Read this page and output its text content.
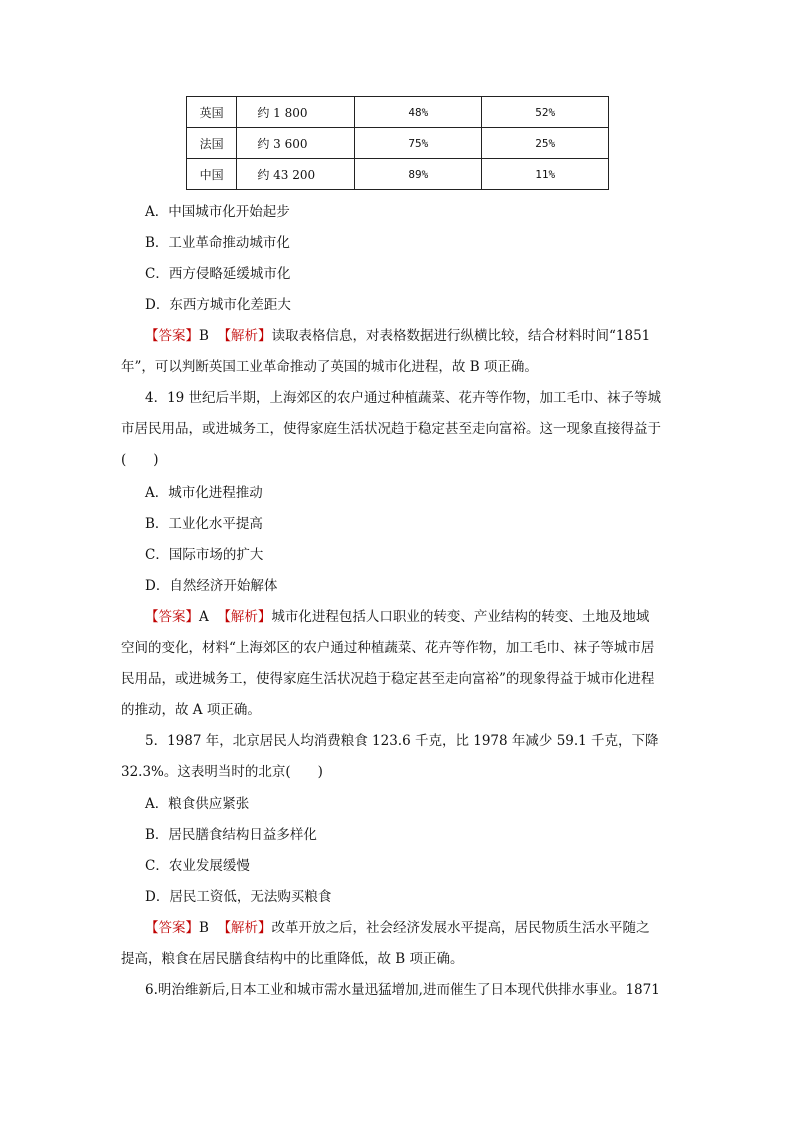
英国	约 1 800	48%	52%
法国	约 3 600	75%	25%
中国	约 43 200	89%	11%
A．中国城市化开始起步
B．工业革命推动城市化
C．西方侵略延缓城市化
D．东西方城市化差距大
【答案】B 【解析】读取表格信息，对表格数据进行纵横比较，结合材料时间“1851
年”，可以判断英国工业革命推动了英国的城市化进程，故 B 项正确。
4．19 世纪后半期，上海郊区的农户通过种植蔬菜、花卉等作物，加工毛巾、袜子等城
市居民用品，或进城务工，使得家庭生活状况趋于稳定甚至走向富裕。这一现象直接得益于
(　　)
A．城市化进程推动
B．工业化水平提高
C．国际市场的扩大
D．自然经济开始解体
【答案】A 【解析】城市化进程包括人口职业的转变、产业结构的转变、土地及地域
空间的变化，材料“上海郊区的农户通过种植蔬菜、花卉等作物，加工毛巾、袜子等城市居
民用品，或进城务工，使得家庭生活状况趋于稳定甚至走向富裕”的现象得益于城市化进程
的推动，故 A 项正确。
5．1987 年，北京居民人均消费粮食 123.6 千克，比 1978 年减少 59.1 千克，下降
32.3%。这表明当时的北京(　　)
A．粮食供应紧张
B．居民膳食结构日益多样化
C．农业发展缓慢
D．居民工资低，无法购买粮食
【答案】B 【解析】改革开放之后，社会经济发展水平提高，居民物质生活水平随之
提高，粮食在居民膳食结构中的比重降低，故 B 项正确。
6.明治维新后,日本工业和城市需水量迅猛增加,进而催生了日本现代供排水事业。1871
